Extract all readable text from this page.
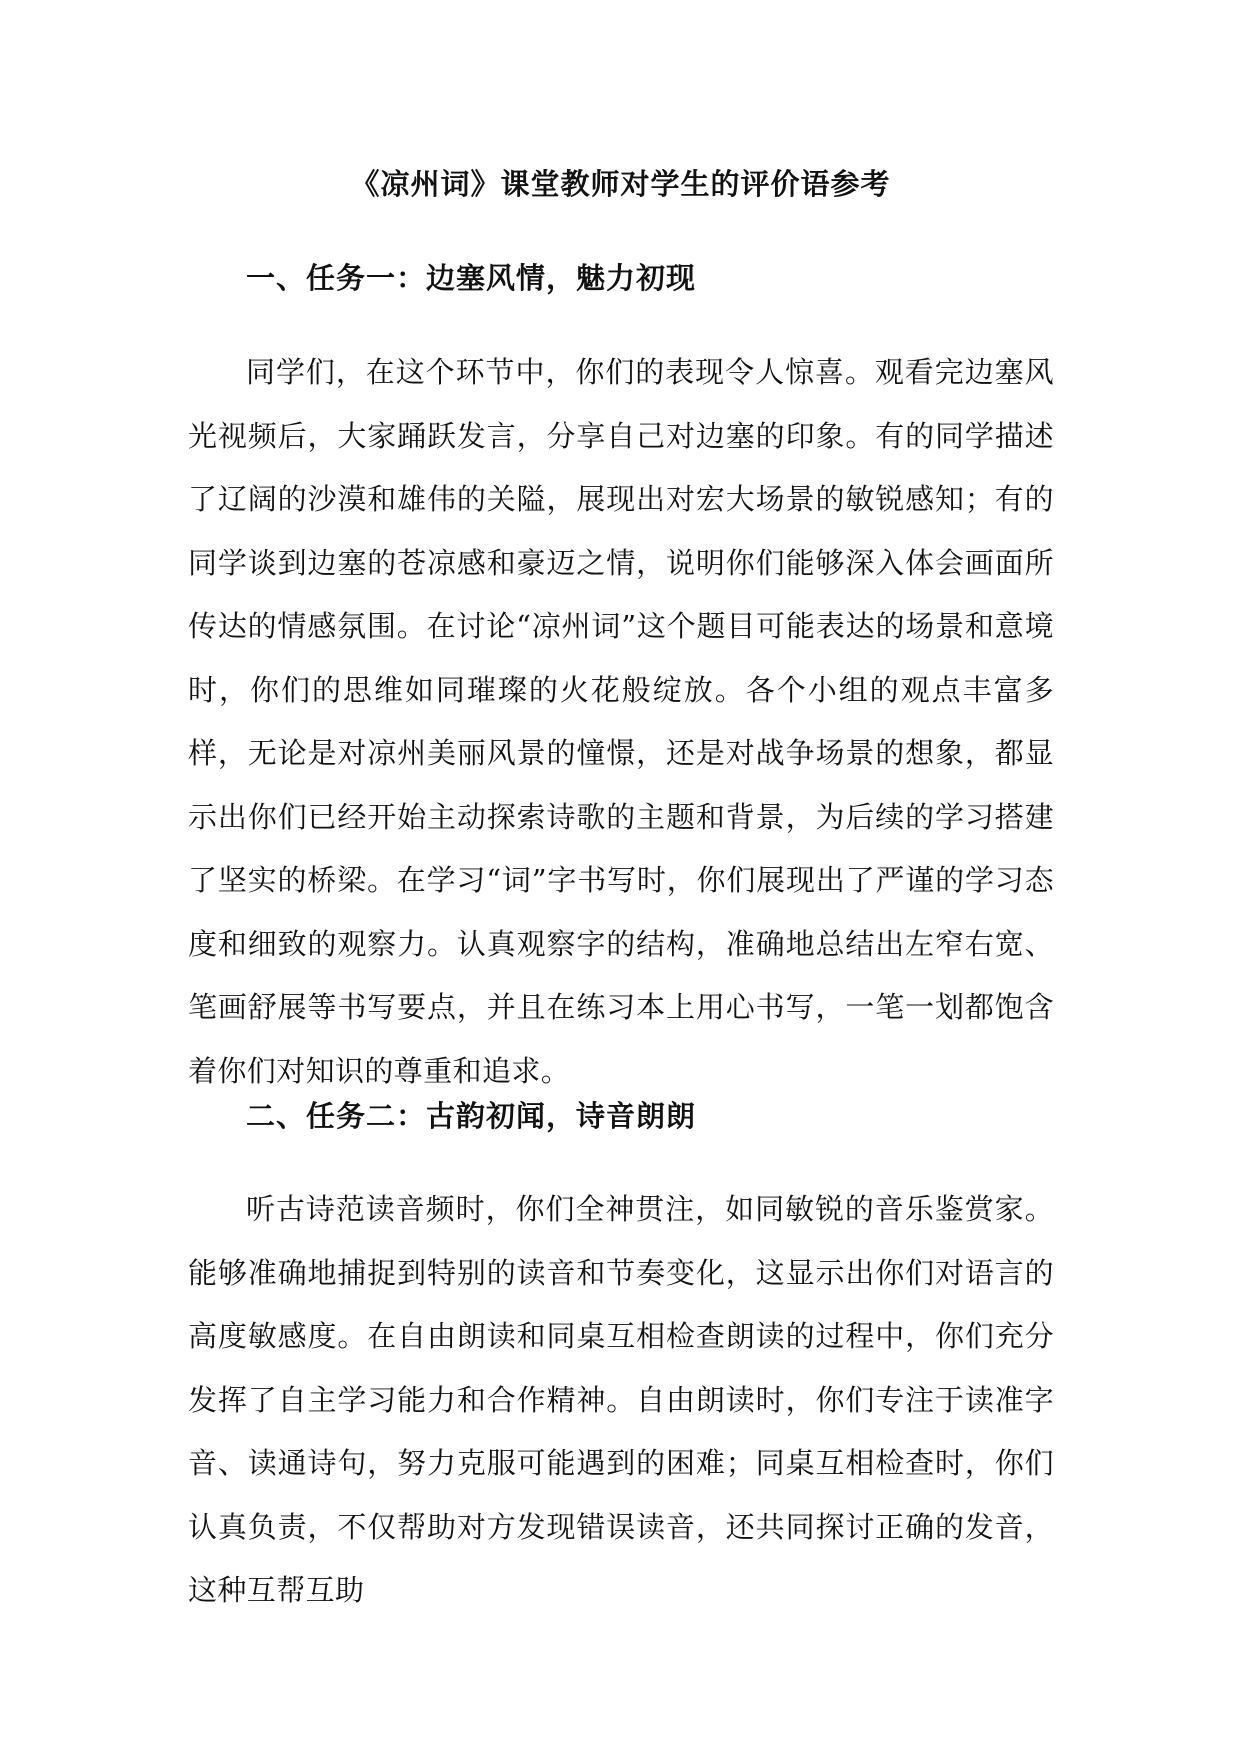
《凉州词》课堂教师对学生的评价语参考
一、任务一：边塞风情，魅力初现

同学们，在这个环节中，你们的表现令人惊喜。观看完边塞风光视频后，大家踊跃发言，分享自己对边塞的印象。有的同学描述了辽阔的沙漠和雄伟的关隘，展现出对宏大场景的敏锐感知；有的同学谈到边塞的苍凉感和豪迈之情，说明你们能够深入体会画面所传达的情感氛围。在讨论“凉州词”这个题目可能表达的场景和意境时，你们的思维如同璀璨的火花般绽放。各个小组的观点丰富多样，无论是对凉州美丽风景的憧憬，还是对战争场景的想象，都显示出你们已经开始主动探索诗歌的主题和背景，为后续的学习搭建了坚实的桥梁。在学习“词”字书写时，你们展现出了严谨的学习态度和细致的观察力。认真观察字的结构，准确地总结出左窄右宽、笔画舒展等书写要点，并且在练习本上用心书写，一笔一划都饱含着你们对知识的尊重和追求。

二、任务二：古韵初闻，诗音朗朗

听古诗范读音频时，你们全神贯注，如同敏锐的音乐鉴赏家。能够准确地捕捉到特别的读音和节奏变化，这显示出你们对语言的高度敏感度。在自由朗读和同桌互相检查朗读的过程中，你们充分发挥了自主学习能力和合作精神。自由朗读时，你们专注于读准字音、读通诗句，努力克服可能遇到的困难；同桌互相检查时，你们认真负责，不仅帮助对方发现错误读音，还共同探讨正确的发音，这种互帮互助
